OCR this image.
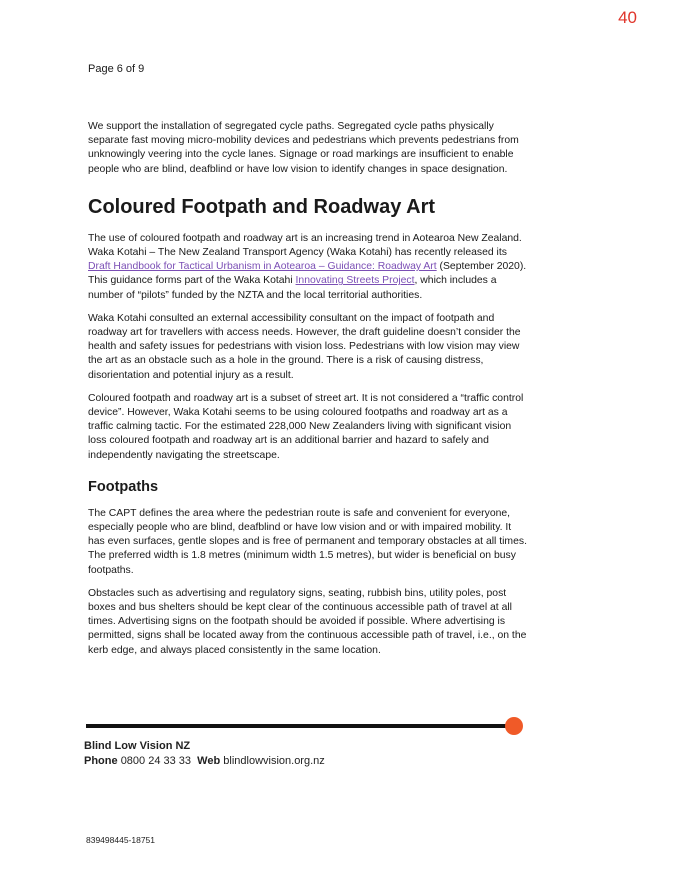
40
Page 6 of 9

We support the installation of segregated cycle paths. Segregated cycle paths physically separate fast moving micro-mobility devices and pedestrians which prevents pedestrians from unknowingly veering into the cycle lanes. Signage or road markings are insufficient to enable people who are blind, deafblind or have low vision to identify changes in space designation.

Coloured Footpath and Roadway Art

The use of coloured footpath and roadway art is an increasing trend in Aotearoa New Zealand. Waka Kotahi – The New Zealand Transport Agency (Waka Kotahi) has recently released its Draft Handbook for Tactical Urbanism in Aotearoa – Guidance: Roadway Art (September 2020). This guidance forms part of the Waka Kotahi Innovating Streets Project, which includes a number of “pilots” funded by the NZTA and the local territorial authorities.

Waka Kotahi consulted an external accessibility consultant on the impact of footpath and roadway art for travellers with access needs. However, the draft guideline doesn’t consider the health and safety issues for pedestrians with vision loss. Pedestrians with low vision may view the art as an obstacle such as a hole in the ground. There is a risk of causing distress, disorientation and potential injury as a result.

Coloured footpath and roadway art is a subset of street art. It is not considered a “traffic control device”. However, Waka Kotahi seems to be using coloured footpaths and roadway art as a traffic calming tactic. For the estimated 228,000 New Zealanders living with significant vision loss coloured footpath and roadway art is an additional barrier and hazard to safely and independently navigating the streetscape.

Footpaths

The CAPT defines the area where the pedestrian route is safe and convenient for everyone, especially people who are blind, deafblind or have low vision and or with impaired mobility. It has even surfaces, gentle slopes and is free of permanent and temporary obstacles at all times. The preferred width is 1.8 metres (minimum width 1.5 metres), but wider is beneficial on busy footpaths.

Obstacles such as advertising and regulatory signs, seating, rubbish bins, utility poles, post boxes and bus shelters should be kept clear of the continuous accessible path of travel at all times. Advertising signs on the footpath should be avoided if possible. Where advertising is permitted, signs shall be located away from the continuous accessible path of travel, i.e., on the kerb edge, and always placed consistently in the same location.

Blind Low Vision NZ
Phone 0800 24 33 33 Web blindlowvision.org.nz
839498445-18751
